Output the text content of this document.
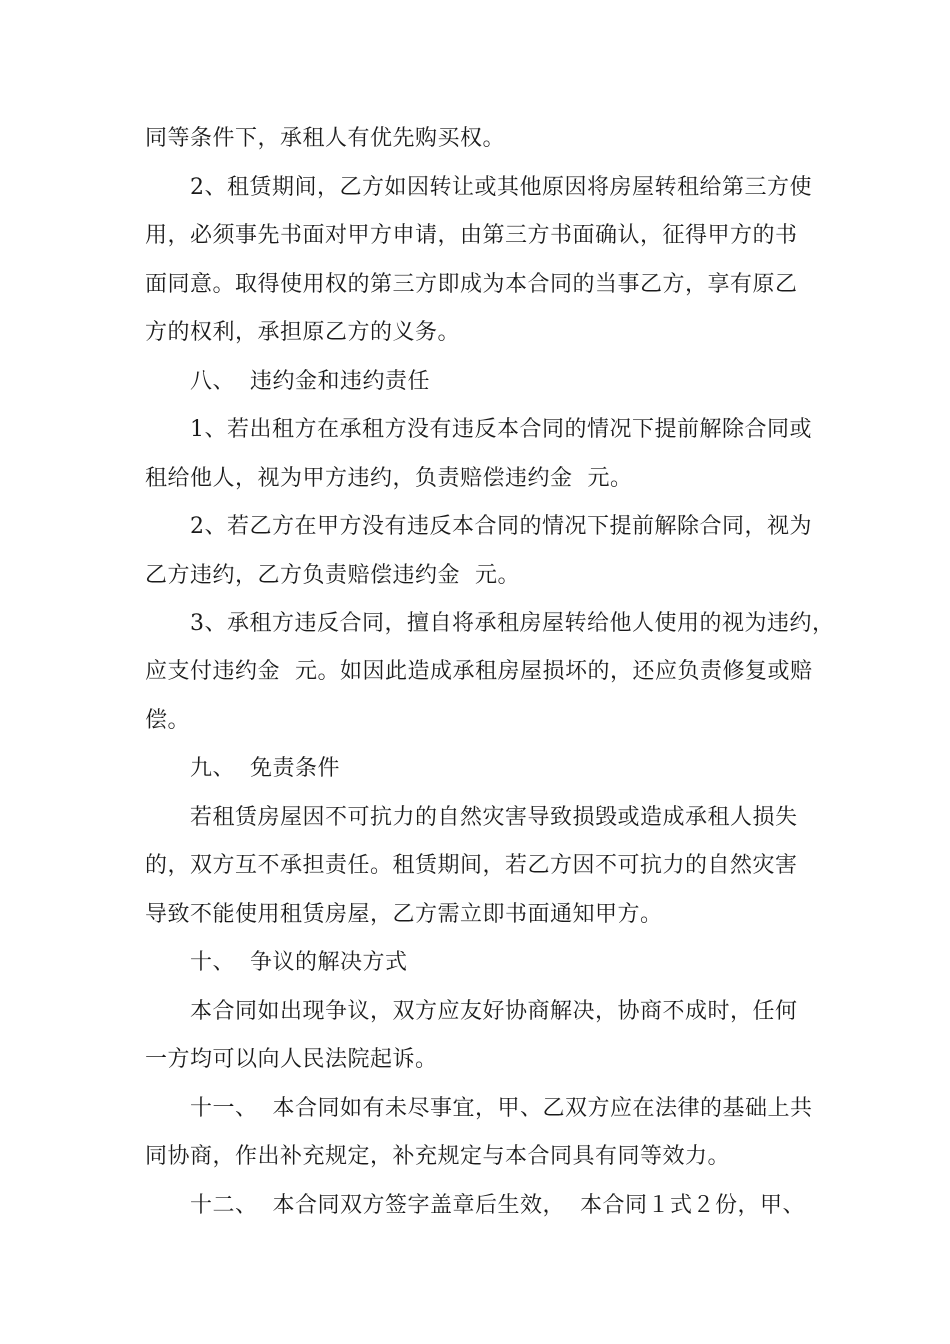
同等条件下，承租人有优先购买权。
2、租赁期间，乙方如因转让或其他原因将房屋转租给第三方使
用，必须事先书面对甲方申请，由第三方书面确认，征得甲方的书
面同意。取得使用权的第三方即成为本合同的当事乙方，享有原乙
方的权利，承担原乙方的义务。
八、  违约金和违约责任
1、若出租方在承租方没有违反本合同的情况下提前解除合同或
租给他人，视为甲方违约，负责赔偿违约金  元。
2、若乙方在甲方没有违反本合同的情况下提前解除合同，视为
乙方违约，乙方负责赔偿违约金  元。
3、承租方违反合同，擅自将承租房屋转给他人使用的视为违约，
应支付违约金  元。如因此造成承租房屋损坏的，还应负责修复或赔
偿。
九、  免责条件
若租赁房屋因不可抗力的自然灾害导致损毁或造成承租人损失
的，双方互不承担责任。租赁期间，若乙方因不可抗力的自然灾害
导致不能使用租赁房屋，乙方需立即书面通知甲方。
十、  争议的解决方式
本合同如出现争议，双方应友好协商解决，协商不成时，任何
一方均可以向人民法院起诉。
十一、  本合同如有未尽事宜，甲、乙双方应在法律的基础上共
同协商，作出补充规定，补充规定与本合同具有同等效力。
十二、  本合同双方签字盖章后生效，  本合同１式２份，甲、
